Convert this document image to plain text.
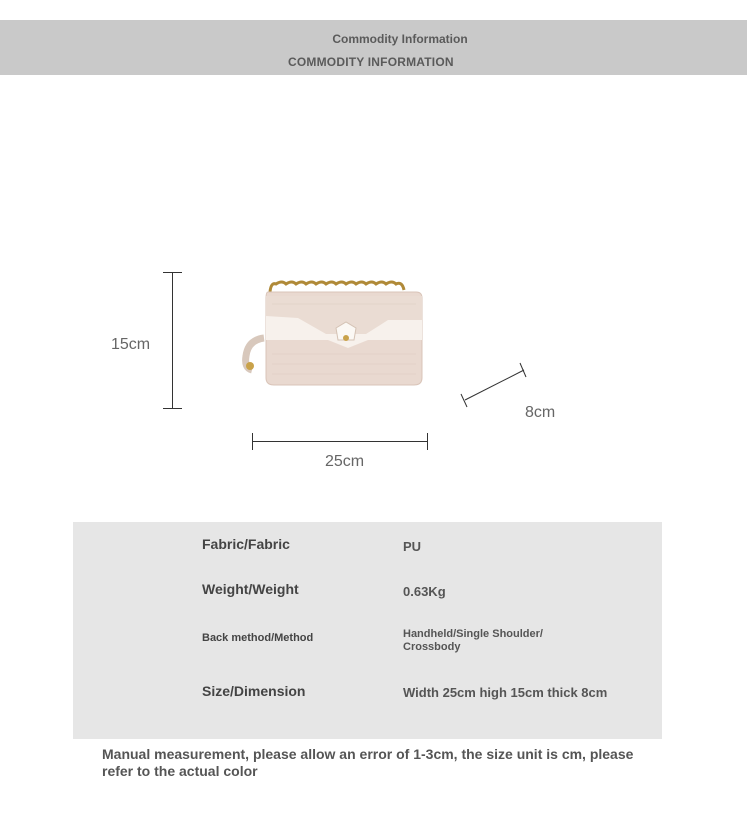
Commodity Information
COMMODITY INFORMATION
15cm
25cm
8cm
Fabric/Fabric	PU
Weight/Weight	0.63Kg
Back method/Method	Handheld/Single Shoulder/ Crossbody
Size/Dimension	Width 25cm high 15cm thick 8cm
Manual measurement, please allow an error of 1-3cm, the size unit is cm, please refer to the actual color
